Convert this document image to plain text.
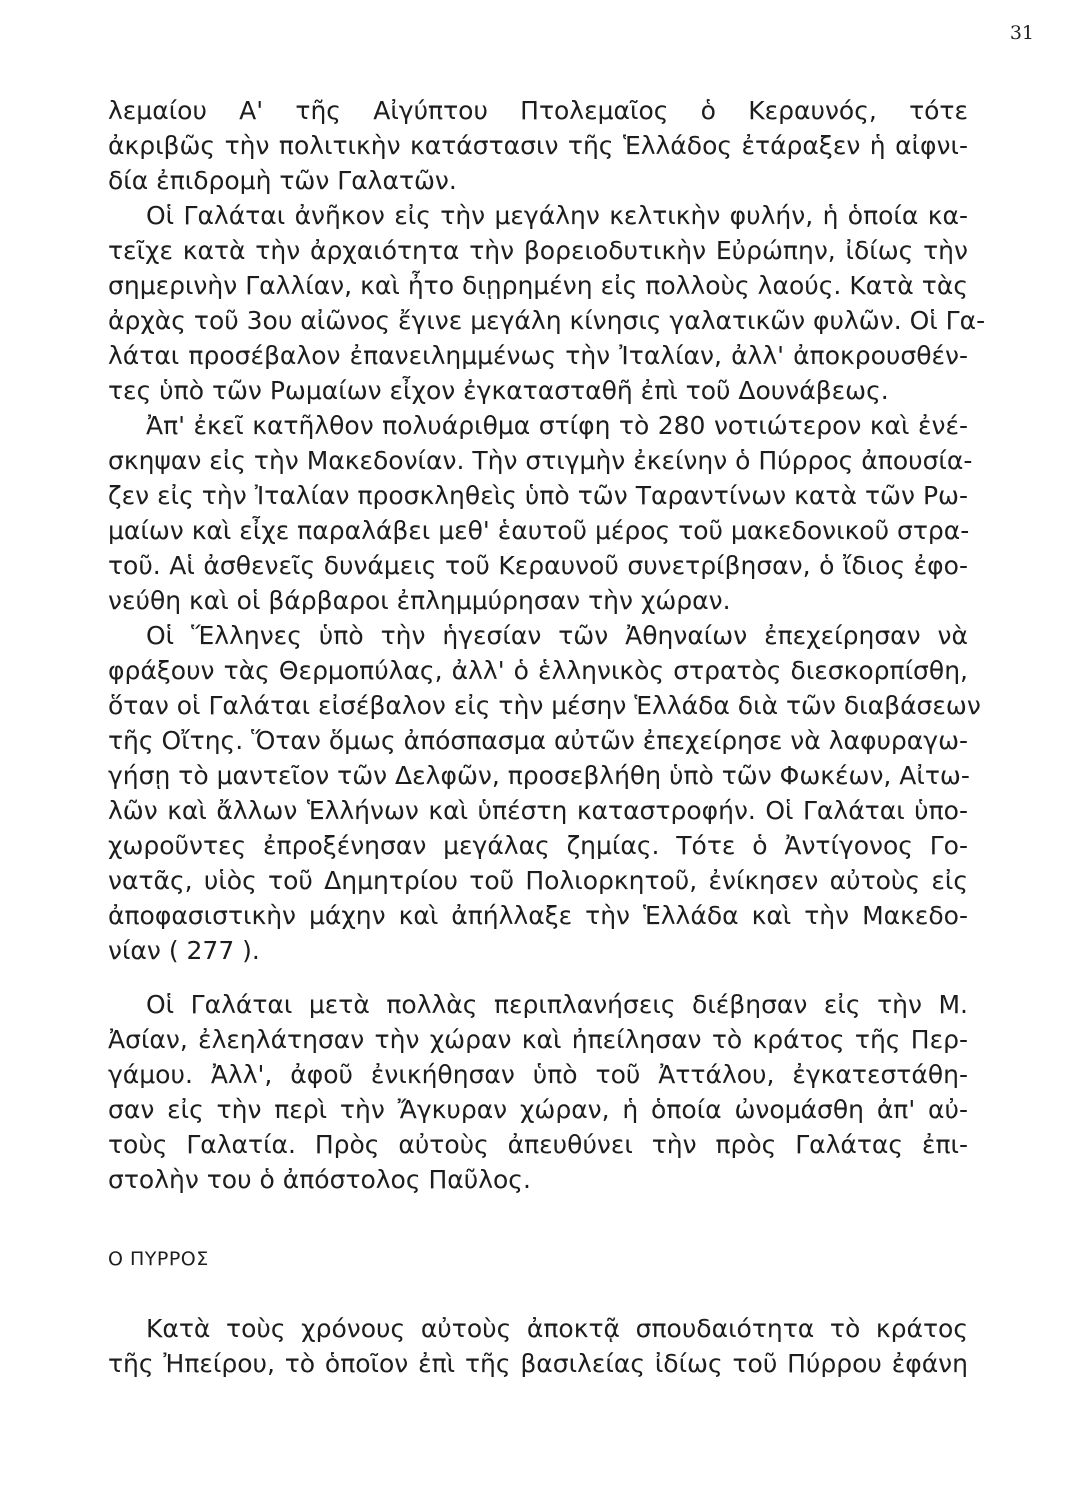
31
λεμαίου Α' τῆς Αἰγύπτου Πτολεμαῖος ὁ Κεραυνός, τότε
ἀκριβῶς τὴν πολιτικὴν κατάστασιν τῆς Ἑλλάδος ἐτάραξεν ἡ αἰφνι-
δία ἐπιδρομὴ τῶν Γαλατῶν.
Οἱ Γαλάται ἀνῆκον εἰς τὴν μεγάλην κελτικὴν φυλήν, ἡ ὁποία κα-
τεῖχε κατὰ τὴν ἀρχαιότητα τὴν βορειοδυτικὴν Εὐρώπην, ἰδίως τὴν
σημερινὴν Γαλλίαν, καὶ ἦτο διῃρημένη εἰς πολλοὺς λαούς. Κατὰ τὰς
ἀρχὰς τοῦ 3ου αἰῶνος ἔγινε μεγάλη κίνησις γαλατικῶν φυλῶν. Οἱ Γα-
λάται προσέβαλον ἐπανειλημμένως τὴν Ἰταλίαν, ἀλλ' ἀποκρουσθέν-
τες ὑπὸ τῶν Ρωμαίων εἶχον ἐγκατασταθῆ ἐπὶ τοῦ Δουνάβεως.
Ἀπ' ἐκεῖ κατῆλθον πολυάριθμα στίφη τὸ 280 νοτιώτερον καὶ ἐνέ-
σκηψαν εἰς τὴν Μακεδονίαν. Τὴν στιγμὴν ἐκείνην ὁ Πύρρος ἀπουσία-
ζεν εἰς τὴν Ἰταλίαν προσκληθεὶς ὑπὸ τῶν Ταραντίνων κατὰ τῶν Ρω-
μαίων καὶ εἶχε παραλάβει μεθ' ἑαυτοῦ μέρος τοῦ μακεδονικοῦ στρα-
τοῦ. Αἱ ἀσθενεῖς δυνάμεις τοῦ Κεραυνοῦ συνετρίβησαν, ὁ ἴδιος ἐφο-
νεύθη καὶ οἱ βάρβαροι ἐπλημμύρησαν τὴν χώραν.
Οἱ Ἕλληνες ὑπὸ τὴν ἡγεσίαν τῶν Ἀθηναίων ἐπεχείρησαν νὰ
φράξουν τὰς Θερμοπύλας, ἀλλ' ὁ ἑλληνικὸς στρατὸς διεσκορπίσθη,
ὅταν οἱ Γαλάται εἰσέβαλον εἰς τὴν μέσην Ἑλλάδα διὰ τῶν διαβάσεων
τῆς Οἴτης. Ὅταν ὅμως ἀπόσπασμα αὐτῶν ἐπεχείρησε νὰ λαφυραγω-
γήσῃ τὸ μαντεῖον τῶν Δελφῶν, προσεβλήθη ὑπὸ τῶν Φωκέων, Αἰτω-
λῶν καὶ ἄλλων Ἑλλήνων καὶ ὑπέστη καταστροφήν. Οἱ Γαλάται ὑπο-
χωροῦντες ἐπροξένησαν μεγάλας ζημίας. Τότε ὁ Ἀντίγονος Γο-
νατᾶς, υἱὸς τοῦ Δημητρίου τοῦ Πολιορκητοῦ, ἐνίκησεν αὐτοὺς εἰς
ἀποφασιστικὴν μάχην καὶ ἀπήλλαξε τὴν Ἑλλάδα καὶ τὴν Μακεδο-
νίαν ( 277 ).
Οἱ Γαλάται μετὰ πολλὰς περιπλανήσεις διέβησαν εἰς τὴν Μ.
Ἀσίαν, ἐλεηλάτησαν τὴν χώραν καὶ ἠπείλησαν τὸ κράτος τῆς Περ-
γάμου. Ἀλλ', ἀφοῦ ἐνικήθησαν ὑπὸ τοῦ Ἀττάλου, ἐγκατεστάθη-
σαν εἰς τὴν περὶ τὴν Ἄγκυραν χώραν, ἡ ὁποία ὠνομάσθη ἀπ' αὐ-
τοὺς Γαλατία. Πρὸς αὐτοὺς ἀπευθύνει τὴν πρὸς Γαλάτας ἐπι-
στολὴν του ὁ ἀπόστολος Παῦλος.
Ο ΠΥΡΡΟΣ
Κατὰ τοὺς χρόνους αὐτοὺς ἀποκτᾷ σπουδαιότητα τὸ κράτος
τῆς Ἠπείρου, τὸ ὁποῖον ἐπὶ τῆς βασιλείας ἰδίως τοῦ Πύρρου ἐφάνη
